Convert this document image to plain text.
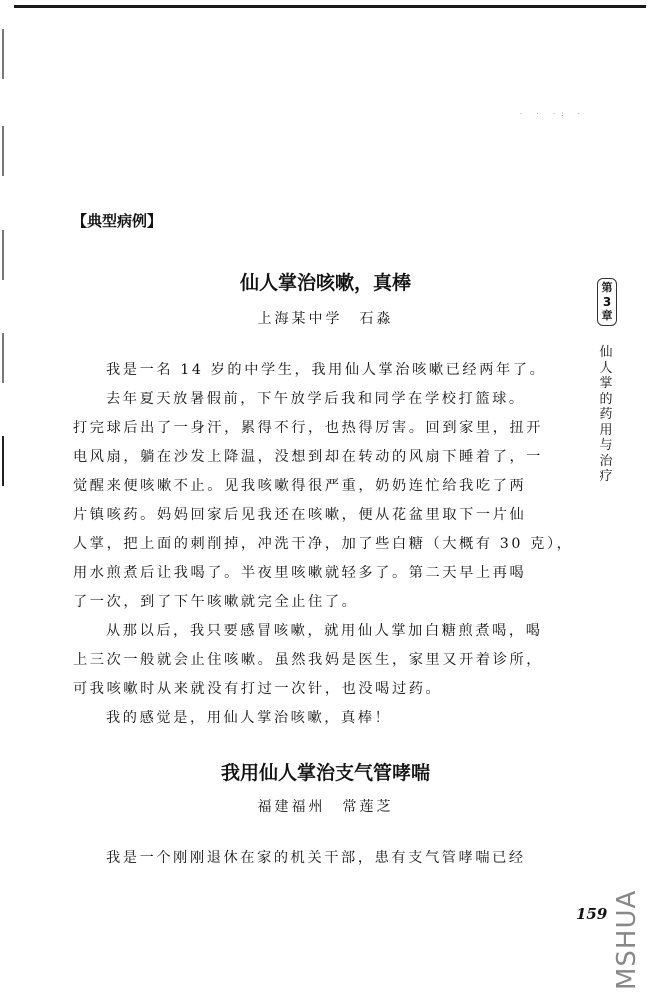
· · ·: ·
【典型病例】
仙人掌治咳嗽，真棒
上海某中学　石淼
我是一名 14 岁的中学生，我用仙人掌治咳嗽已经两年了。
去年夏天放暑假前，下午放学后我和同学在学校打篮球。
打完球后出了一身汗，累得不行，也热得厉害。回到家里，扭开
电风扇，躺在沙发上降温，没想到却在转动的风扇下睡着了，一
觉醒来便咳嗽不止。见我咳嗽得很严重，奶奶连忙给我吃了两
片镇咳药。妈妈回家后见我还在咳嗽，便从花盆里取下一片仙
人掌，把上面的刺削掉，冲洗干净，加了些白糖（大概有 30 克），
用水煎煮后让我喝了。半夜里咳嗽就轻多了。第二天早上再喝
了一次，到了下午咳嗽就完全止住了。
从那以后，我只要感冒咳嗽，就用仙人掌加白糖煎煮喝，喝
上三次一般就会止住咳嗽。虽然我妈是医生，家里又开着诊所，
可我咳嗽时从来就没有打过一次针，也没喝过药。
我的感觉是，用仙人掌治咳嗽，真棒！
我用仙人掌治支气管哮喘
福建福州　常莲芝
我是一个刚刚退休在家的机关干部，患有支气管哮喘已经
第
3
章
仙人掌的药用与治疗
159 MSHUA
